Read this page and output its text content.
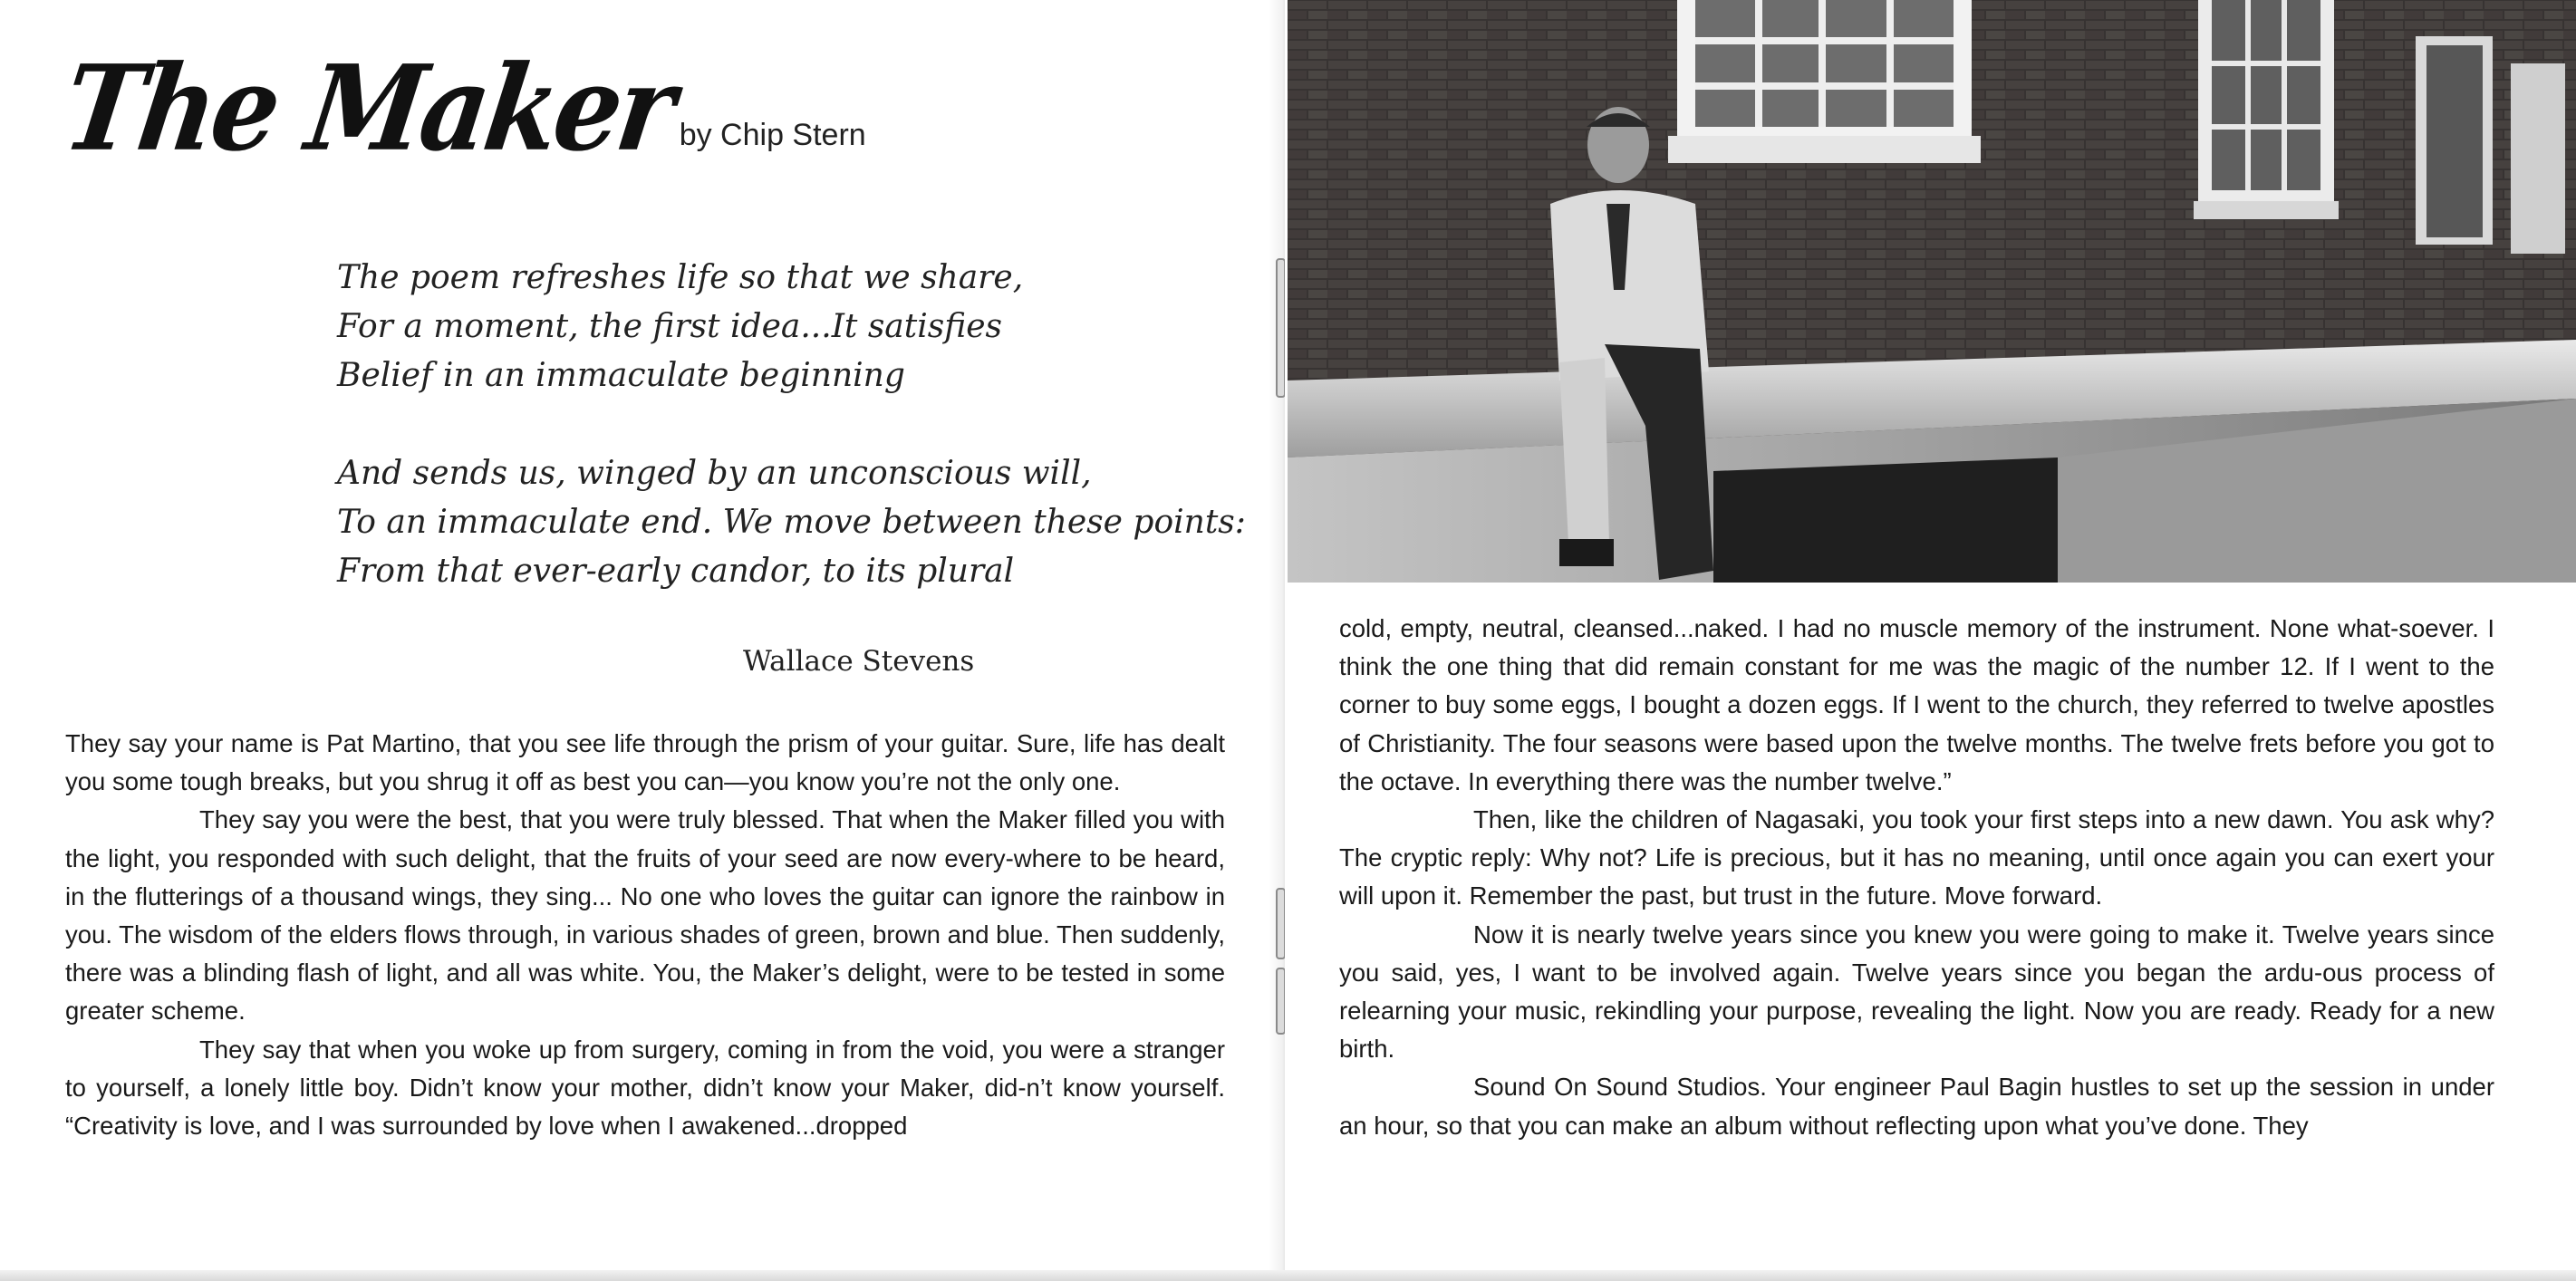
The Makerby Chip Stern
The poem refreshes life so that we share,
For a moment, the first idea...It satisfies
Belief in an immaculate beginning
And sends us, winged by an unconscious will,
To an immaculate end. We move between these points:
From that ever-early candor, to its plural
Wallace Stevens

They say your name is Pat Martino, that you see life through the prism of your guitar. Sure, life has dealt you some tough breaks, but you shrug it off as best you can—you know you’re not the only one.

They say you were the best, that you were truly blessed. That when the Maker filled you with the light, you responded with such delight, that the fruits of your seed are now every-where to be heard, in the flutterings of a thousand wings, they sing... No one who loves the guitar can ignore the rainbow in you. The wisdom of the elders flows through, in various shades of green, brown and blue. Then suddenly, there was a blinding flash of light, and all was white. You, the Maker’s delight, were to be tested in some greater scheme.

They say that when you woke up from surgery, coming in from the void, you were a stranger to yourself, a lonely little boy. Didn’t know your mother, didn’t know your Maker, did-n’t know yourself. “Creativity is love, and I was surrounded by love when I awakened...dropped

cold, empty, neutral, cleansed...naked. I had no muscle memory of the instrument. None what-soever. I think the one thing that did remain constant for me was the magic of the number 12. If I went to the corner to buy some eggs, I bought a dozen eggs. If I went to the church, they referred to twelve apostles of Christianity. The four seasons were based upon the twelve months. The twelve frets before you got to the octave. In everything there was the number twelve.”

Then, like the children of Nagasaki, you took your first steps into a new dawn. You ask why? The cryptic reply: Why not? Life is precious, but it has no meaning, until once again you can exert your will upon it. Remember the past, but trust in the future. Move forward.

Now it is nearly twelve years since you knew you were going to make it. Twelve years since you said, yes, I want to be involved again. Twelve years since you began the ardu-ous process of relearning your music, rekindling your purpose, revealing the light. Now you are ready. Ready for a new birth.

Sound On Sound Studios. Your engineer Paul Bagin hustles to set up the session in under an hour, so that you can make an album without reflecting upon what you’ve done. They
